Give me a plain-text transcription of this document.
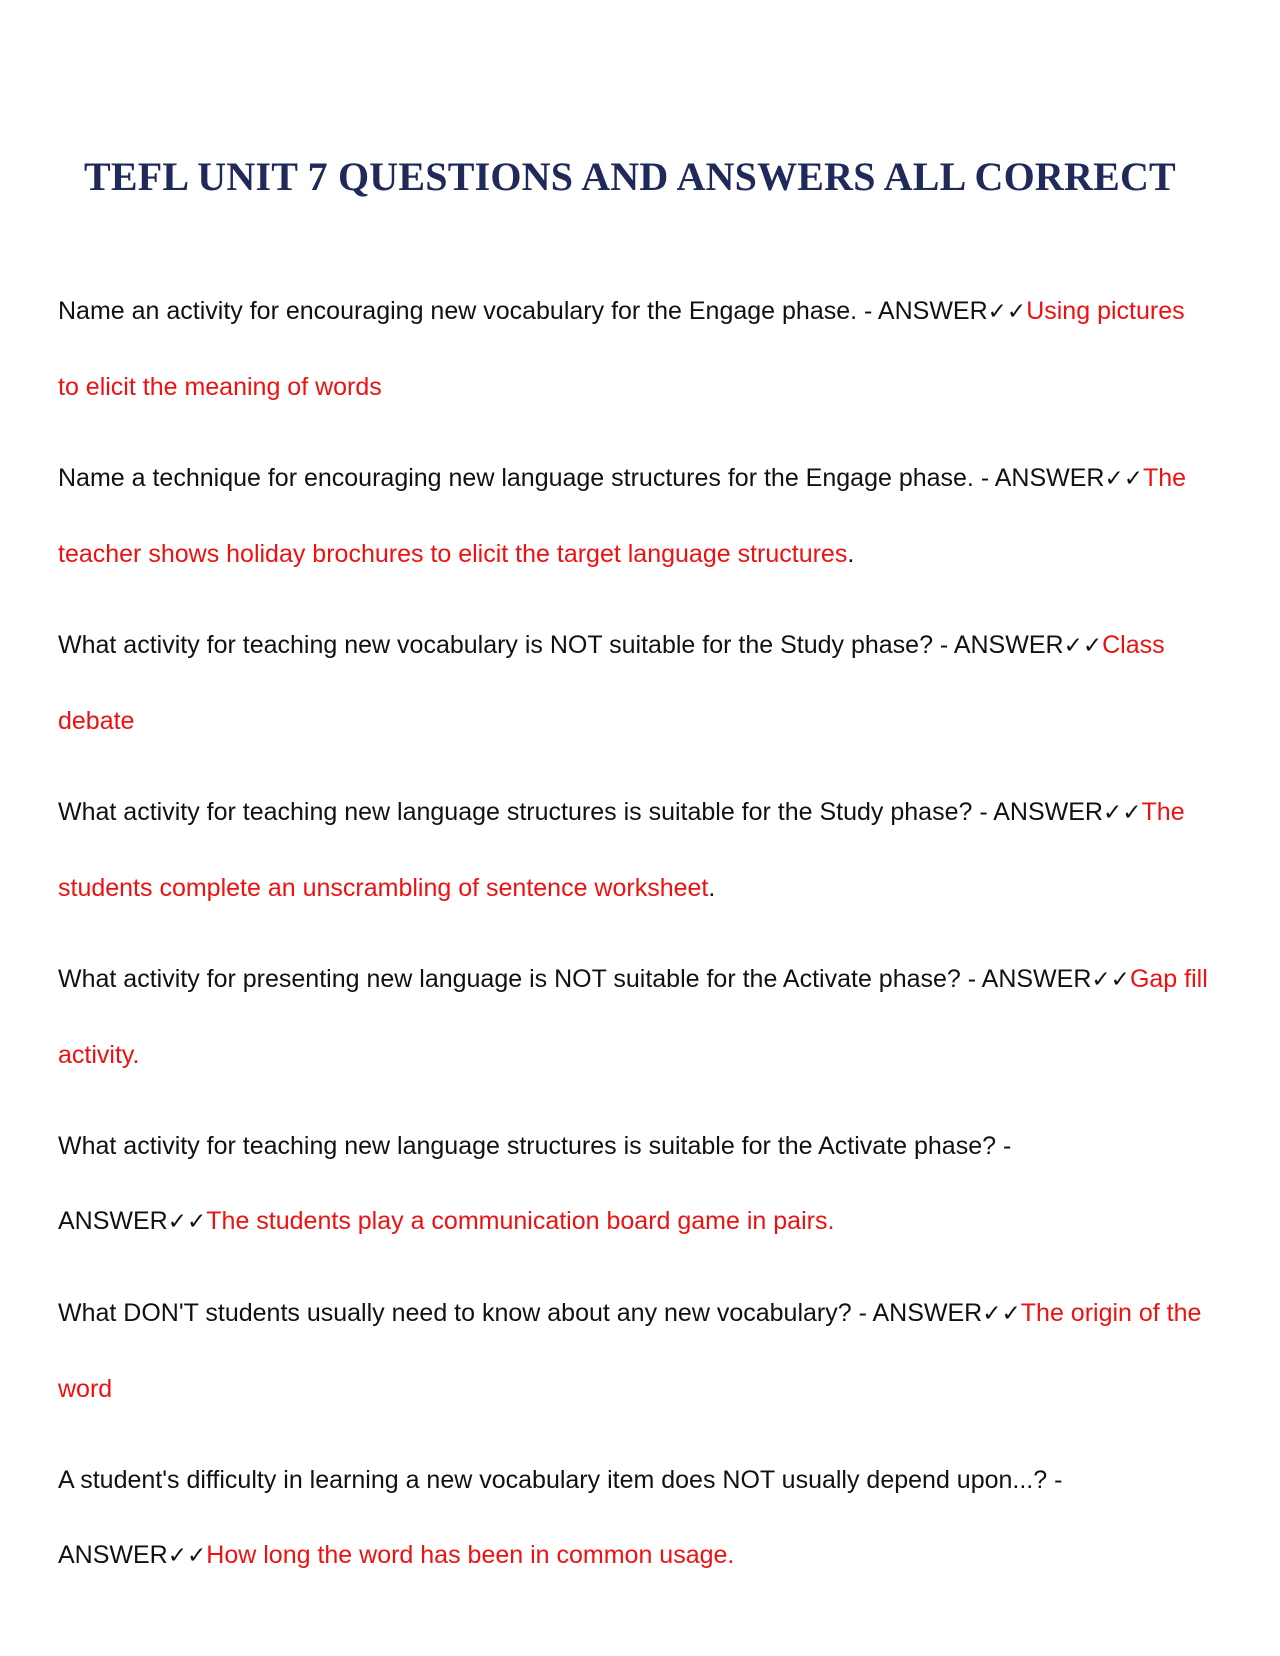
TEFL UNIT 7 QUESTIONS AND ANSWERS ALL CORRECT
Name an activity for encouraging new vocabulary for the Engage phase. - ANSWER✓✓Using pictures to elicit the meaning of words
Name a technique for encouraging new language structures for the Engage phase. - ANSWER✓✓The teacher shows holiday brochures to elicit the target language structures.
What activity for teaching new vocabulary is NOT suitable for the Study phase? - ANSWER✓✓Class debate
What activity for teaching new language structures is suitable for the Study phase? - ANSWER✓✓The students complete an unscrambling of sentence worksheet.
What activity for presenting new language is NOT suitable for the Activate phase? - ANSWER✓✓Gap fill activity.
What activity for teaching new language structures is suitable for the Activate phase? - ANSWER✓✓The students play a communication board game in pairs.
What DON'T students usually need to know about any new vocabulary? - ANSWER✓✓The origin of the word
A student's difficulty in learning a new vocabulary item does NOT usually depend upon...? - ANSWER✓✓How long the word has been in common usage.
